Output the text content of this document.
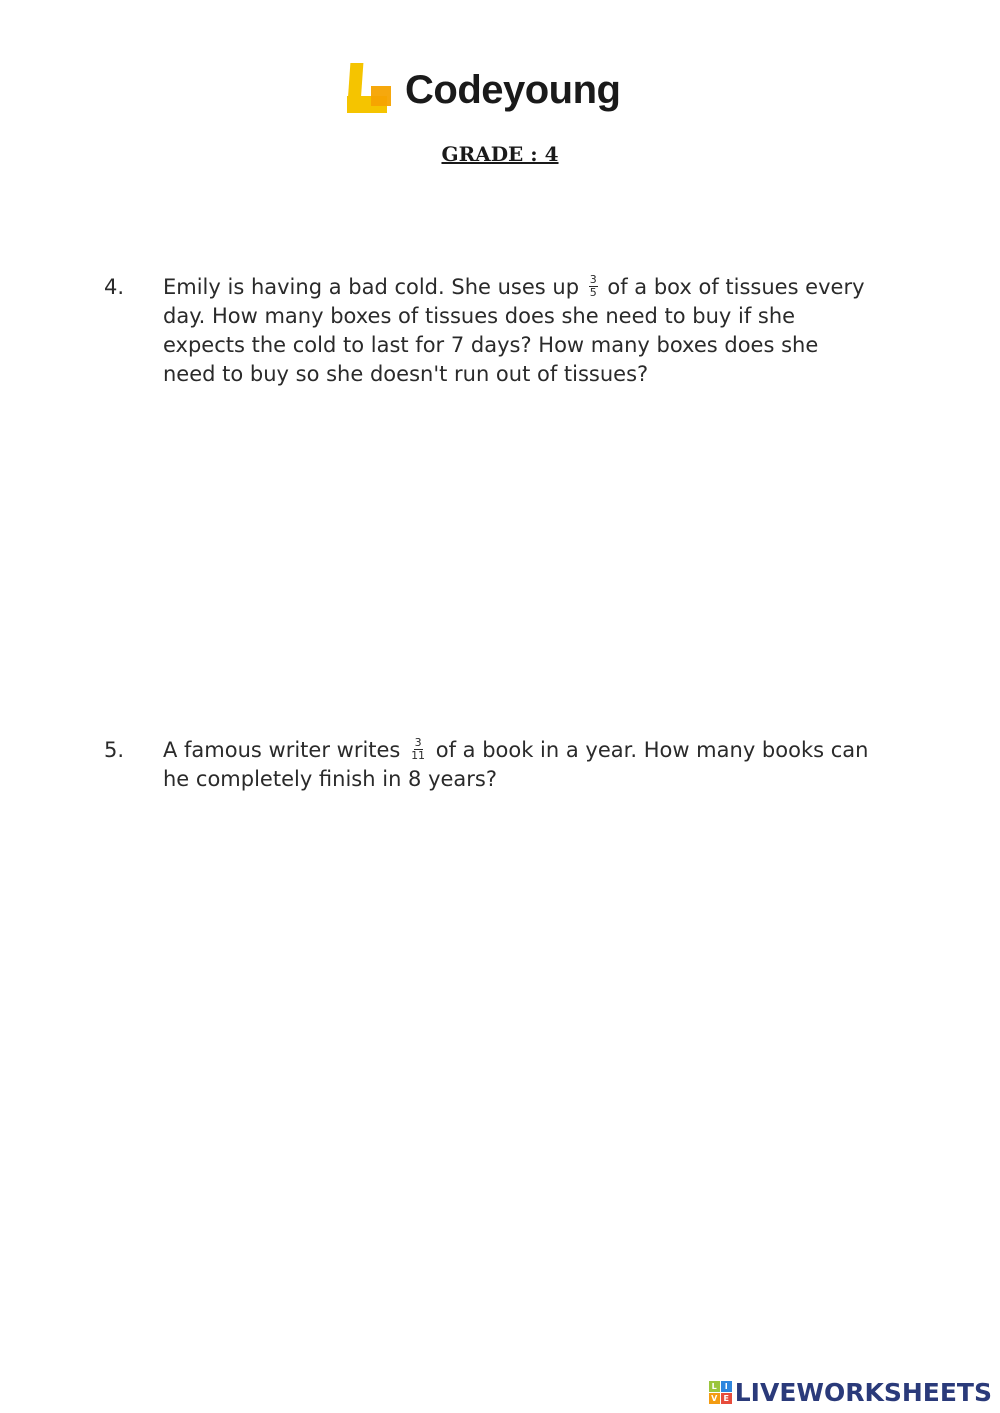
Codeyoung
GRADE : 4
4. Emily is having a bad cold. She uses up $\frac{3}{5}$ of a box of tissues every day. How many boxes of tissues does she need to buy if she expects the cold to last for 7 days? How many boxes does she need to buy so she doesn't run out of tissues?
5. A famous writer writes $\frac{3}{11}$ of a book in a year. How many books can he completely finish in 8 years?
L I
V E LIVEWORKSHEETS
